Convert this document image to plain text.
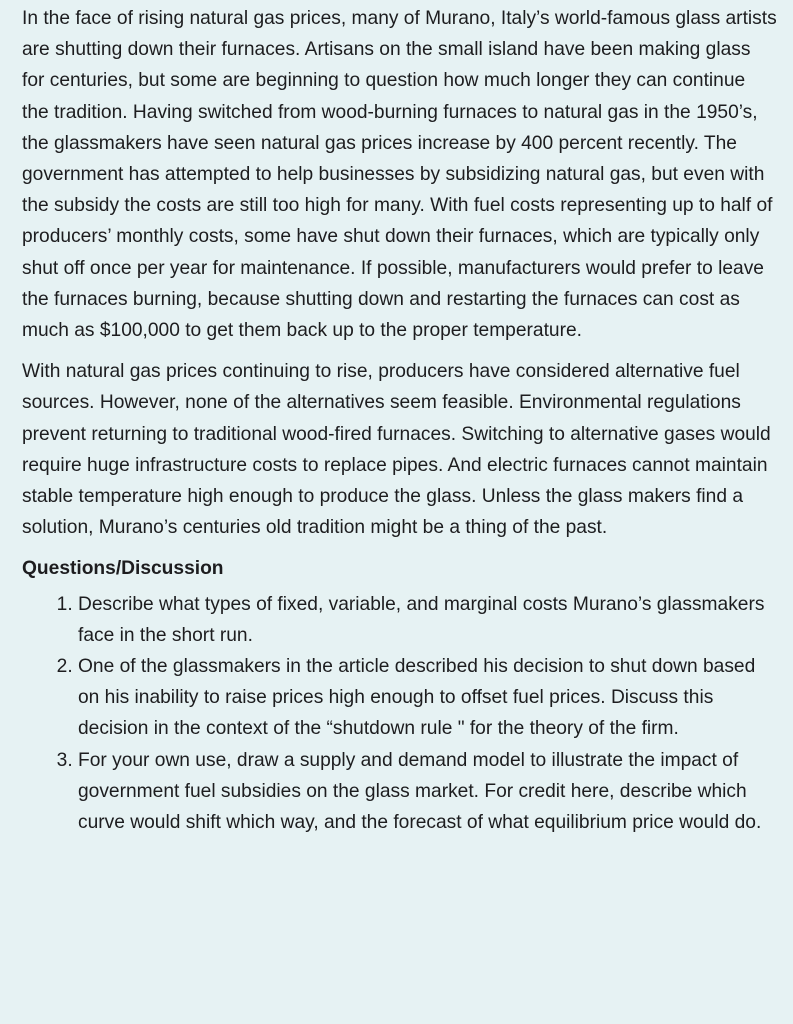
In the face of rising natural gas prices, many of Murano, Italy’s world-famous glass artists are shutting down their furnaces. Artisans on the small island have been making glass for centuries, but some are beginning to question how much longer they can continue the tradition. Having switched from wood-burning furnaces to natural gas in the 1950’s, the glassmakers have seen natural gas prices increase by 400 percent recently. The government has attempted to help businesses by subsidizing natural gas, but even with the subsidy the costs are still too high for many. With fuel costs representing up to half of producers’ monthly costs, some have shut down their furnaces, which are typically only shut off once per year for maintenance. If possible, manufacturers would prefer to leave the furnaces burning, because shutting down and restarting the furnaces can cost as much as $100,000 to get them back up to the proper temperature.

With natural gas prices continuing to rise, producers have considered alternative fuel sources. However, none of the alternatives seem feasible. Environmental regulations prevent returning to traditional wood-fired furnaces. Switching to alternative gases would require huge infrastructure costs to replace pipes. And electric furnaces cannot maintain stable temperature high enough to produce the glass. Unless the glass makers find a solution, Murano’s centuries old tradition might be a thing of the past.

Questions/Discussion
1. Describe what types of fixed, variable, and marginal costs Murano’s glassmakers face in the short run.
2. One of the glassmakers in the article described his decision to shut down based on his inability to raise prices high enough to offset fuel prices. Discuss this decision in the context of the “shutdown rule " for the theory of the firm.
3. For your own use, draw a supply and demand model to illustrate the impact of government fuel subsidies on the glass market. For credit here, describe which curve would shift which way, and the forecast of what equilibrium price would do.
